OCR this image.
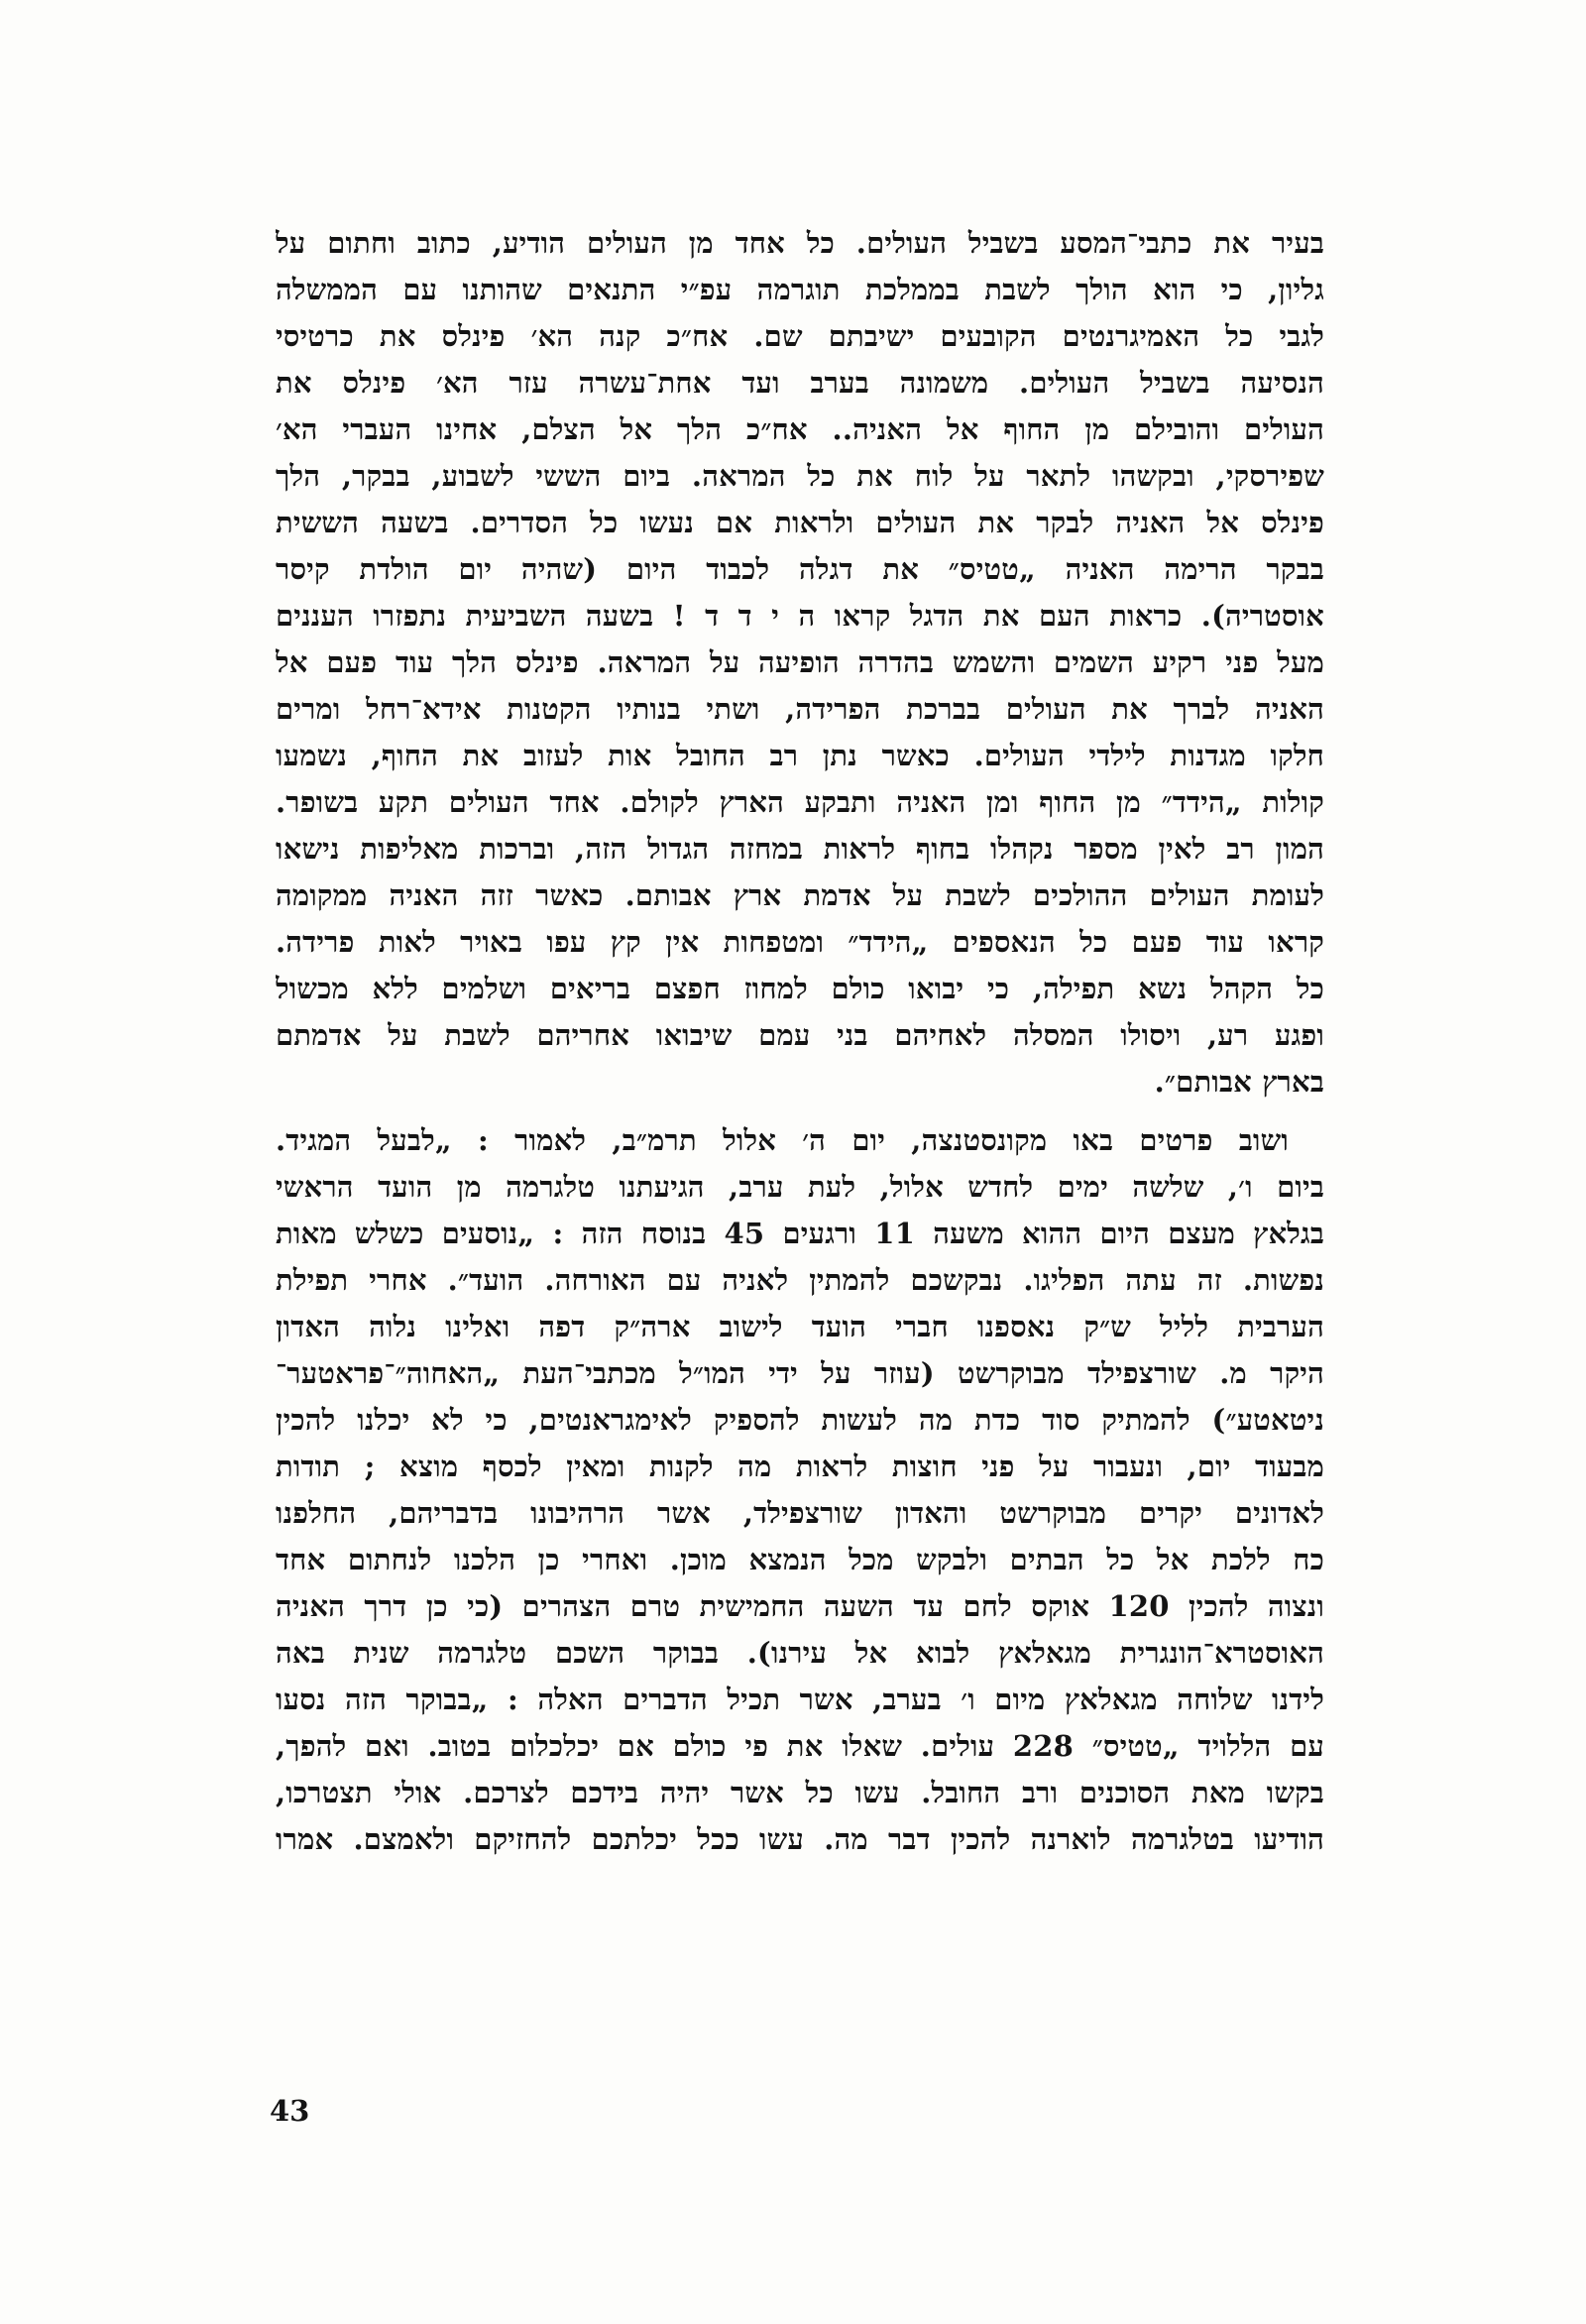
בעיר את כתבי־המסע בשביל העולים. כל אחד מן העולים הודיע, כתוב וחתום על
גליון, כי הוא הולך לשבת בממלכת תוגרמה עפ״י התנאים שהותנו עם הממשלה
לגבי כל האמיגרנטים הקובעים ישיבתם שם. אח״כ קנה הא׳ פינלס את כרטיסי
הנסיעה בשביל העולים. משמונה בערב ועד אחת־עשרה עזר הא׳ פינלס את
העולים והובילם מן החוף אל האניה.. אח״כ הלך אל הצלם, אחינו העברי הא׳
שפירסקי, ובקשהו לתאר על לוח את כל המראה. ביום הששי לשבוע, בבקר, הלך
פינלס אל האניה לבקר את העולים ולראות אם נעשו כל הסדרים. בשעה הששית
בבקר הרימה האניה „טטיס״ את דגלה לכבוד היום (שהיה יום הולדת קיסר
אוסטריה). כראות העם את הדגל קראו ה י ד ד ! בשעה השביעית נתפזרו העננים
מעל פני רקיע השמים והשמש בהדרה הופיעה על המראה. פינלס הלך עוד פעם אל
האניה לברך את העולים בברכת הפרידה, ושתי בנותיו הקטנות אידא־רחל ומרים
חלקו מגדנות לילדי העולים. כאשר נתן רב החובל אות לעזוב את החוף, נשמעו
קולות „הידד״ מן החוף ומן האניה ותבקע הארץ לקולם. אחד העולים תקע בשופר.
המון רב לאין מספר נקהלו בחוף לראות במחזה הגדול הזה, וברכות מאליפות נישאו
לעומת העולים ההולכים לשבת על אדמת ארץ אבותם. כאשר זזה האניה ממקומה
קראו עוד פעם כל הנאספים „הידד״ ומטפחות אין קץ עפו באויר לאות פרידה.
כל הקהל נשא תפילה, כי יבואו כולם למחוז חפצם בריאים ושלמים ללא מכשול
ופגע רע, ויסולו המסלה לאחיהם בני עמם שיבואו אחריהם לשבת על אדמתם
בארץ אבותם״.

ושוב פרטים באו מקונסטנצה, יום ה׳ אלול תרמ״ב, לאמור : „לבעל המגיד.
ביום ו׳, שלשה ימים לחדש אלול, לעת ערב, הגיעתנו טלגרמה מן הועד הראשי
בגלאץ מעצם היום ההוא משעה 11 ורגעים 45 בנוסח הזה : „נוסעים כשלש מאות
נפשות. זה עתה הפליגו. נבקשכם להמתין לאניה עם האורחה. הועד״. אחרי תפילת
הערבית לליל ש״ק נאספנו חברי הועד לישוב ארה״ק דפה ואלינו נלוה האדון
היקר מ. שורצפילד מבוקרשט (עוזר על ידי המו״ל מכתבי־העת „האחוה״־פראטער־
ניטאטע״) להמתיק סוד כדת מה לעשות להספיק לאימגראנטים, כי לא יכלנו להכין
מבעוד יום, ונעבור על פני חוצות לראות מה לקנות ומאין לכסף מוצא ; תודות
לאדונים יקרים מבוקרשט והאדון שורצפילד, אשר הרהיבונו בדבריהם, החלפנו
כח ללכת אל כל הבתים ולבקש מכל הנמצא מוכן. ואחרי כן הלכנו לנחתום אחד
ונצוה להכין 120 אוקס לחם עד השעה החמישית טרם הצהרים (כי כן דרך האניה
האוסטרא־הונגרית מגאלאץ לבוא אל עירנו). בבוקר השכם טלגרמה שנית באה
לידנו שלוחה מגאלאץ מיום ו׳ בערב, אשר תכיל הדברים האלה : „בבוקר הזה נסעו
עם הללויד „טטיס״ 228 עולים. שאלו את פי כולם אם יכלכלום בטוב. ואם להפך,
בקשו מאת הסוכנים ורב החובל. עשו כל אשר יהיה בידכם לצרכם. אולי תצטרכו,
הודיעו בטלגרמה לוארנה להכין דבר מה. עשו ככל יכלתכם להחזיקם ולאמצם. אמרו

43
